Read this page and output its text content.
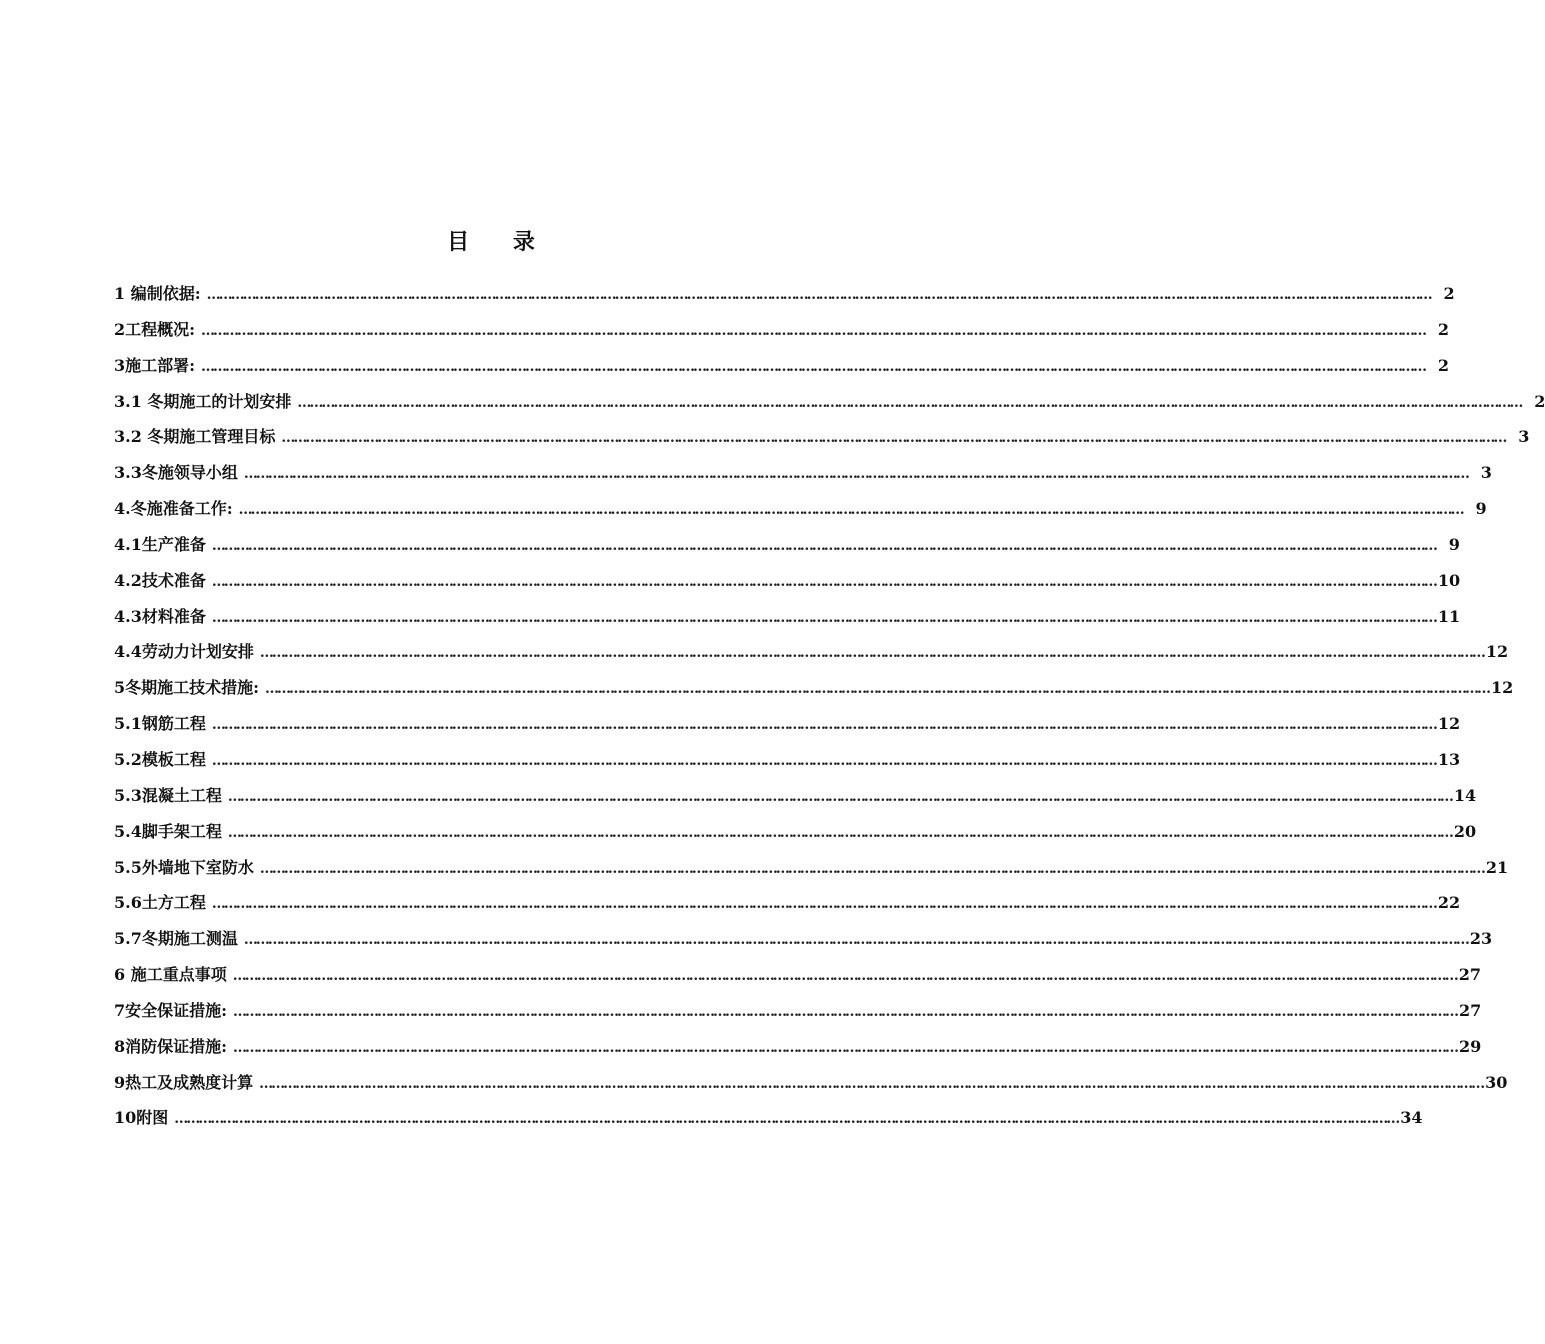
目 录
1 编制依据: ……………………………………………………………………………………………………………………………………………………………………………………………………………………………………………………………………………… 2
2工程概况: ……………………………………………………………………………………………………………………………………………………………………………………………………………………………………………………………………………… 2
3施工部署: ……………………………………………………………………………………………………………………………………………………………………………………………………………………………………………………………………………… 2
3.1 冬期施工的计划安排 ……………………………………………………………………………………………………………………………………………………………………………………………………………………………………………………………………………… 2
3.2 冬期施工管理目标 ……………………………………………………………………………………………………………………………………………………………………………………………………………………………………………………………………………… 3
3.3冬施领导小组 ……………………………………………………………………………………………………………………………………………………………………………………………………………………………………………………………………………… 3
4.冬施准备工作: ……………………………………………………………………………………………………………………………………………………………………………………………………………………………………………………………………………… 9
4.1生产准备 ……………………………………………………………………………………………………………………………………………………………………………………………………………………………………………………………………………… 9
4.2技术准备 ……………………………………………………………………………………………………………………………………………………………………………………………………………………………………………………………………………… 10
4.3材料准备 ……………………………………………………………………………………………………………………………………………………………………………………………………………………………………………………………………………… 11
4.4劳动力计划安排 ……………………………………………………………………………………………………………………………………………………………………………………………………………………………………………………………………………… 12
5冬期施工技术措施: ……………………………………………………………………………………………………………………………………………………………………………………………………………………………………………………………………………… 12
5.1钢筋工程 ……………………………………………………………………………………………………………………………………………………………………………………………………………………………………………………………………………… 12
5.2模板工程 ……………………………………………………………………………………………………………………………………………………………………………………………………………………………………………………………………………… 13
5.3混凝土工程 ……………………………………………………………………………………………………………………………………………………………………………………………………………………………………………………………………………… 14
5.4脚手架工程 ……………………………………………………………………………………………………………………………………………………………………………………………………………………………………………………………………………… 20
5.5外墙地下室防水 ……………………………………………………………………………………………………………………………………………………………………………………………………………………………………………………………………………… 21
5.6土方工程 ……………………………………………………………………………………………………………………………………………………………………………………………………………………………………………………………………………… 22
5.7冬期施工测温 ……………………………………………………………………………………………………………………………………………………………………………………………………………………………………………………………………………… 23
6 施工重点事项 ……………………………………………………………………………………………………………………………………………………………………………………………………………………………………………………………………………… 27
7安全保证措施: ……………………………………………………………………………………………………………………………………………………………………………………………………………………………………………………………………………… 27
8消防保证措施: ……………………………………………………………………………………………………………………………………………………………………………………………………………………………………………………………………………… 29
9热工及成熟度计算 ……………………………………………………………………………………………………………………………………………………………………………………………………………………………………………………………………………… 30
10附图 ……………………………………………………………………………………………………………………………………………………………………………………………………………………………………………………………………………… 34
